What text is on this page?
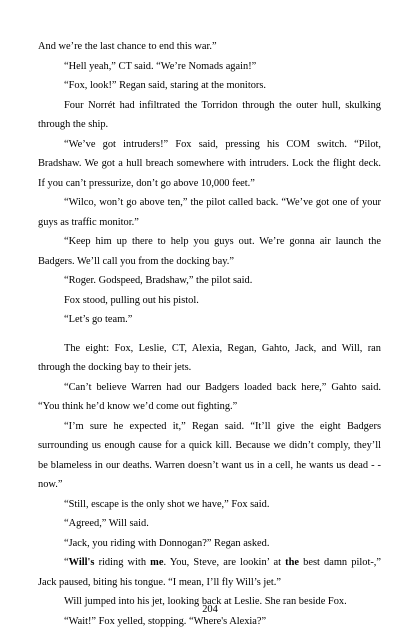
And we’re the last chance to end this war.”

“Hell yeah,” CT said. “We’re Nomads again!”

“Fox, look!” Regan said, staring at the monitors.

Four Norrét had infiltrated the Torridon through the outer hull, skulking through the ship.

“We’ve got intruders!” Fox said, pressing his COM switch. “Pilot, Bradshaw. We got a hull breach somewhere with intruders. Lock the flight deck. If you can’t pressurize, don’t go above 10,000 feet.”

“Wilco, won’t go above ten,” the pilot called back. “We’ve got one of your guys as traffic monitor.”

“Keep him up there to help you guys out. We’re gonna air launch the Badgers. We’ll call you from the docking bay.”

“Roger. Godspeed, Bradshaw,” the pilot said.

Fox stood, pulling out his pistol.

“Let’s go team.”

The eight: Fox, Leslie, CT, Alexia, Regan, Gahto, Jack, and Will, ran through the docking bay to their jets.

“Can’t believe Warren had our Badgers loaded back here,” Gahto said. “You think he’d know we’d come out fighting.”

“I’m sure he expected it,” Regan said. “It’ll give the eight Badgers surrounding us enough cause for a quick kill. Because we didn’t comply, they’ll be blameless in our deaths. Warren doesn’t want us in a cell, he wants us dead - - now.”

“Still, escape is the only shot we have,” Fox said.

“Agreed,” Will said.

“Jack, you riding with Donnogan?” Regan asked.

“Will's riding with me. You, Steve, are lookin’ at the best damn pilot-,” Jack paused, biting his tongue. “I mean, I’ll fly Will’s jet.”

Will jumped into his jet, looking back at Leslie. She ran beside Fox.

“Wait!” Fox yelled, stopping. “Where's Alexia?”

204
